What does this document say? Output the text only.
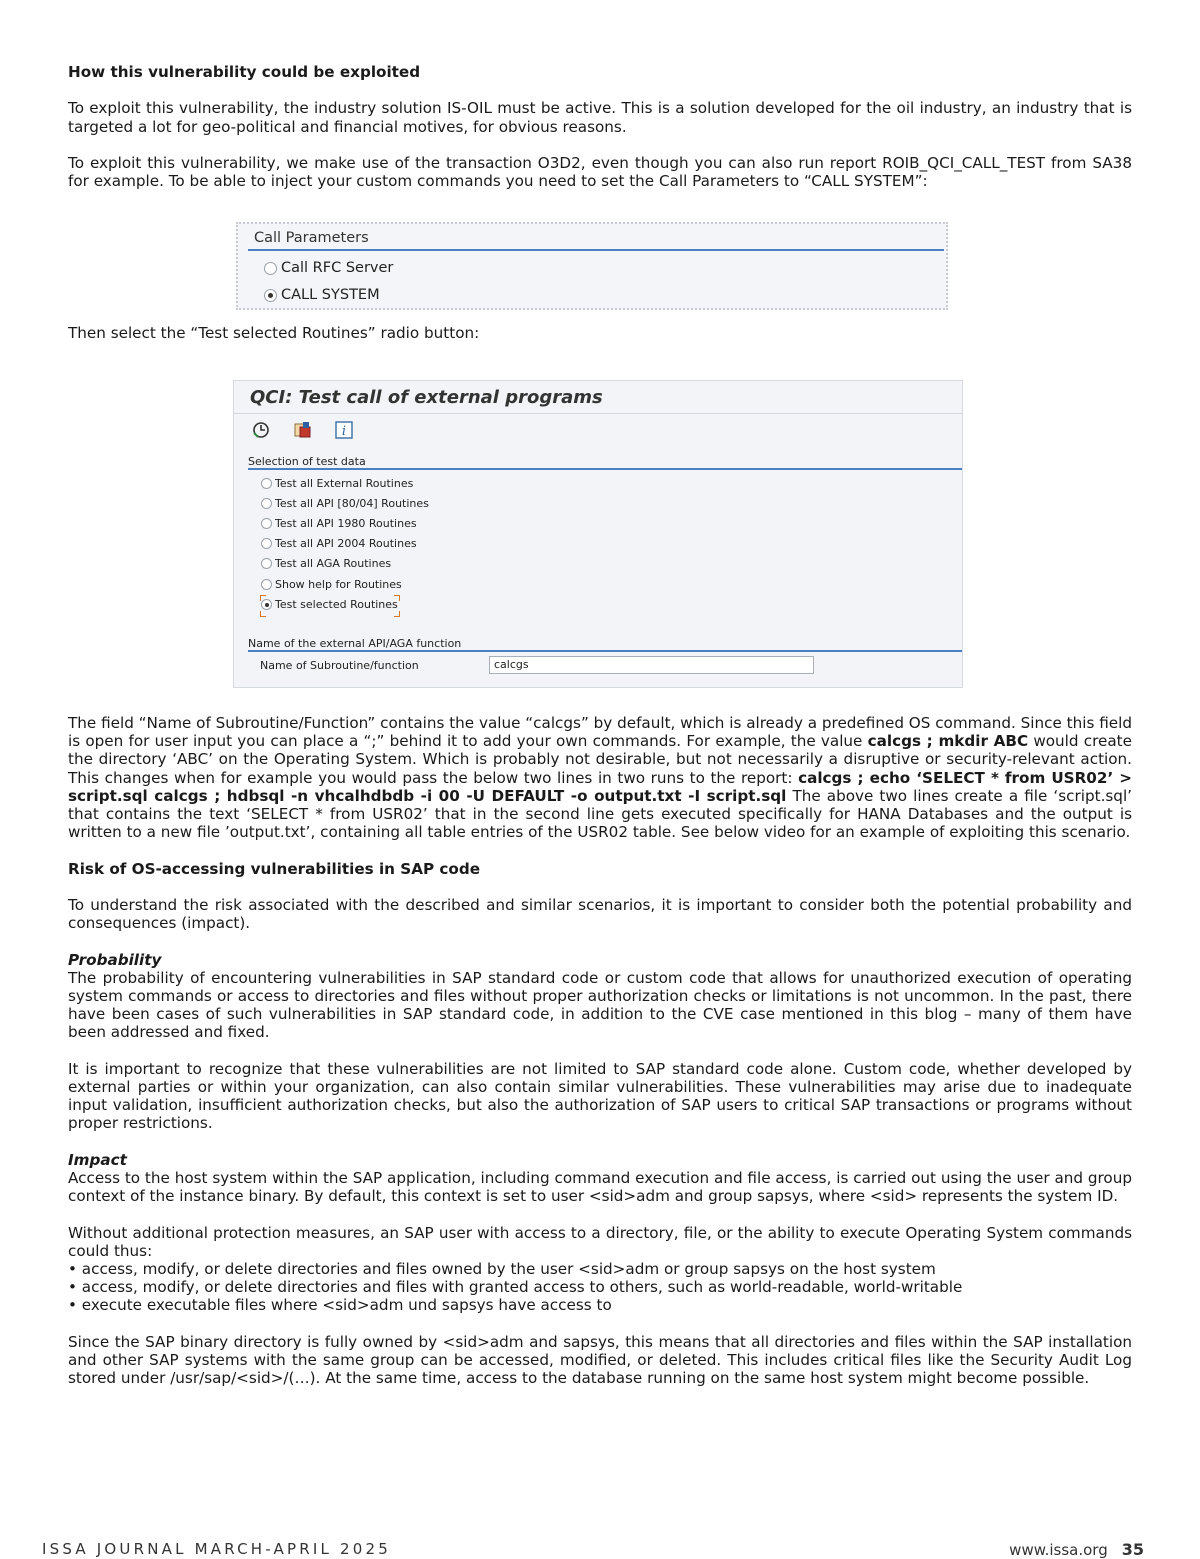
How this vulnerability could be exploited

To exploit this vulnerability, the industry solution IS-OIL must be active. This is a solution developed for the oil industry, an industry that is targeted a lot for geo-political and financial motives, for obvious reasons.

To exploit this vulnerability, we make use of the transaction O3D2, even though you can also run report ROIB_QCI_CALL_TEST from SA38 for example. To be able to inject your custom commands you need to set the Call Parameters to “CALL SYSTEM”:

Call Parameters
Call RFC Server
CALL SYSTEM

Then select the “Test selected Routines” radio button:

QCI: Test call of external programs
i
Selection of test data
Test all External Routines
Test all API [80/04] Routines
Test all API 1980 Routines
Test all API 2004 Routines
Test all AGA Routines
Show help for Routines
Test selected Routines
Name of the external API/AGA function
Name of Subroutine/function	calcgs

The field “Name of Subroutine/Function” contains the value “calcgs” by default, which is already a predefined OS command. Since this field is open for user input you can place a “;” behind it to add your own commands. For example, the value calcgs ; mkdir ABC would create the directory ‘ABC’ on the Operating System. Which is probably not desirable, but not necessarily a disruptive or security-relevant action. This changes when for example you would pass the below two lines in two runs to the report: calcgs ; echo ‘SELECT * from USR02’ > script.sql calcgs ; hdbsql -n vhcalhdbdb -i 00 -U DEFAULT -o output.txt -I script.sql The above two lines create a file ‘script.sql’ that contains the text ‘SELECT * from USR02’ that in the second line gets executed specifically for HANA Databases and the output is written to a new file ’output.txt’, containing all table entries of the USR02 table. See below video for an example of exploiting this scenario.

Risk of OS-accessing vulnerabilities in SAP code

To understand the risk associated with the described and similar scenarios, it is important to consider both the potential probability and consequences (impact).

Probability
The probability of encountering vulnerabilities in SAP standard code or custom code that allows for unauthorized execution of operating system commands or access to directories and files without proper authorization checks or limitations is not uncommon. In the past, there have been cases of such vulnerabilities in SAP standard code, in addition to the CVE case mentioned in this blog – many of them have been addressed and fixed.

It is important to recognize that these vulnerabilities are not limited to SAP standard code alone. Custom code, whether developed by external parties or within your organization, can also contain similar vulnerabilities. These vulnerabilities may arise due to inadequate input validation, insufficient authorization checks, but also the authorization of SAP users to critical SAP transactions or programs without proper restrictions.

Impact
Access to the host system within the SAP application, including command execution and file access, is carried out using the user and group context of the instance binary. By default, this context is set to user <sid>adm and group sapsys, where <sid> represents the system ID.

Without additional protection measures, an SAP user with access to a directory, file, or the ability to execute Operating System commands could thus:

• access, modify, or delete directories and files owned by the user <sid>adm or group sapsys on the host system
• access, modify, or delete directories and files with granted access to others, such as world-readable, world-writable
• execute executable files where <sid>adm und sapsys have access to

Since the SAP binary directory is fully owned by <sid>adm and sapsys, this means that all directories and files within the SAP installation and other SAP systems with the same group can be accessed, modified, or deleted. This includes critical files like the Security Audit Log stored under /usr/sap/<sid>/(…). At the same time, access to the database running on the same host system might become possible.

ISSA JOURNAL MARCH-APRIL 2025	www.issa.org 35
